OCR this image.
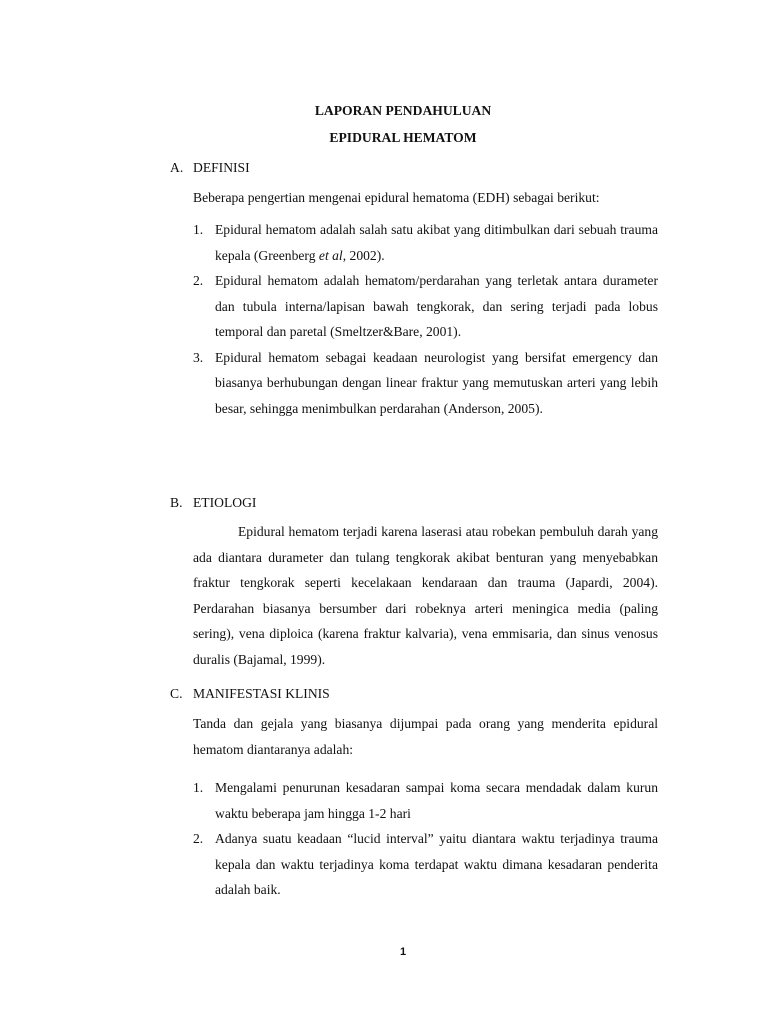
LAPORAN PENDAHULUAN
EPIDURAL HEMATOM
A. DEFINISI

Beberapa pengertian mengenai epidural hematoma (EDH) sebagai berikut:

1. Epidural hematom adalah salah satu akibat yang ditimbulkan dari sebuah trauma kepala (Greenberg et al, 2002).
2. Epidural hematom adalah hematom/perdarahan yang terletak antara durameter dan tubula interna/lapisan bawah tengkorak, dan sering terjadi pada lobus temporal dan paretal (Smeltzer&Bare, 2001).
3. Epidural hematom sebagai keadaan neurologist yang bersifat emergency dan biasanya berhubungan dengan linear fraktur yang memutuskan arteri yang lebih besar, sehingga menimbulkan perdarahan (Anderson, 2005).
B. ETIOLOGI

Epidural hematom terjadi karena laserasi atau robekan pembuluh darah yang ada diantara durameter dan tulang tengkorak akibat benturan yang menyebabkan fraktur tengkorak seperti kecelakaan kendaraan dan trauma (Japardi, 2004). Perdarahan biasanya bersumber dari robeknya arteri meningica media (paling sering), vena diploica (karena fraktur kalvaria), vena emmisaria, dan sinus venosus duralis (Bajamal, 1999).

C. MANIFESTASI KLINIS

Tanda dan gejala yang biasanya dijumpai pada orang yang menderita epidural hematom diantaranya adalah:

1. Mengalami penurunan kesadaran sampai koma secara mendadak dalam kurun waktu beberapa jam hingga 1-2 hari
2. Adanya suatu keadaan “lucid interval” yaitu diantara waktu terjadinya trauma kepala dan waktu terjadinya koma terdapat waktu dimana kesadaran penderita adalah baik.
1
